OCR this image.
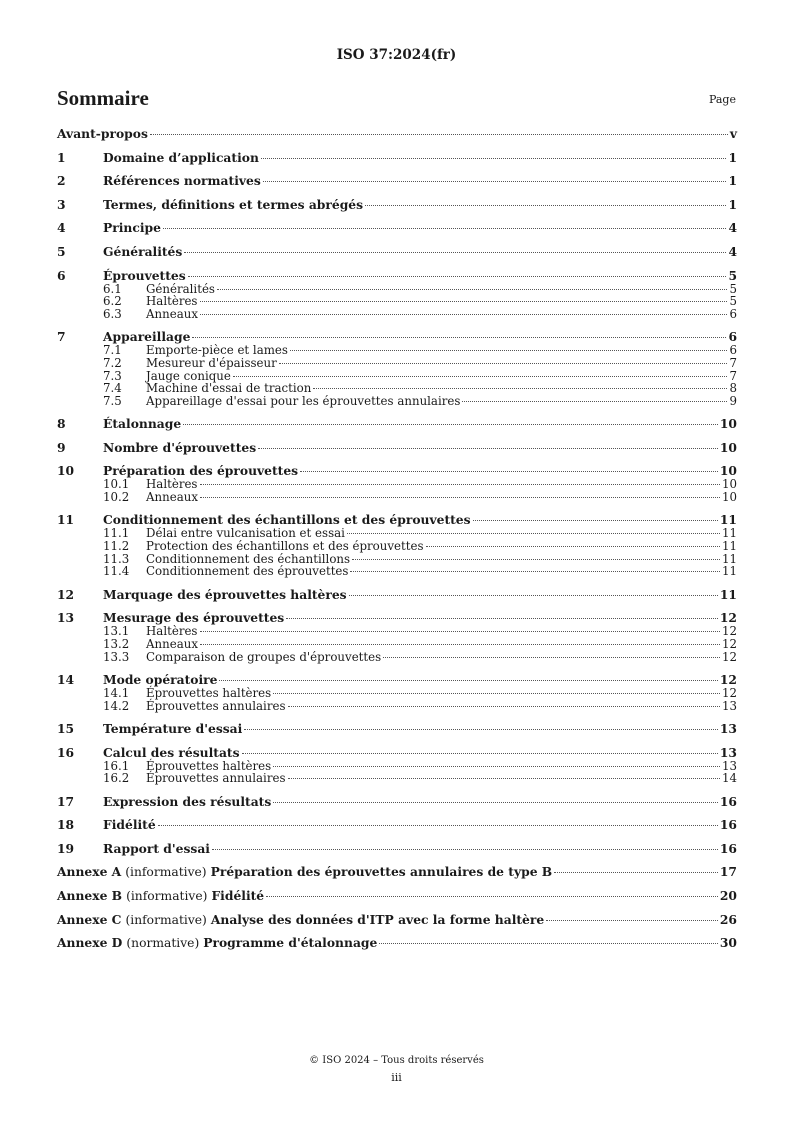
ISO 37:2024(fr)
Sommaire	Page
Avant-propos	v
1	Domaine d’application	1
2	Références normatives	1
3	Termes, définitions et termes abrégés	1
4	Principe	4
5	Généralités	4
6	Éprouvettes	5
6.1	Généralités	5
6.2	Haltères	5
6.3	Anneaux	6
7	Appareillage	6
7.1	Emporte-pièce et lames	6
7.2	Mesureur d'épaisseur	7
7.3	Jauge conique	7
7.4	Machine d'essai de traction	8
7.5	Appareillage d'essai pour les éprouvettes annulaires	9
8	Étalonnage	10
9	Nombre d'éprouvettes	10
10	Préparation des éprouvettes	10
10.1	Haltères	10
10.2	Anneaux	10
11	Conditionnement des échantillons et des éprouvettes	11
11.1	Délai entre vulcanisation et essai	11
11.2	Protection des échantillons et des éprouvettes	11
11.3	Conditionnement des échantillons	11
11.4	Conditionnement des éprouvettes	11
12	Marquage des éprouvettes haltères	11
13	Mesurage des éprouvettes	12
13.1	Haltères	12
13.2	Anneaux	12
13.3	Comparaison de groupes d'éprouvettes	12
14	Mode opératoire	12
14.1	Éprouvettes haltères	12
14.2	Éprouvettes annulaires	13
15	Température d'essai	13
16	Calcul des résultats	13
16.1	Éprouvettes haltères	13
16.2	Éprouvettes annulaires	14
17	Expression des résultats	16
18	Fidélité	16
19	Rapport d'essai	16
Annexe A (informative) Préparation des éprouvettes annulaires de type B	17
Annexe B (informative) Fidélité	20
Annexe C (informative) Analyse des données d'ITP avec la forme haltère	26
Annexe D (normative) Programme d'étalonnage	30
© ISO 2024 – Tous droits réservés
iii
